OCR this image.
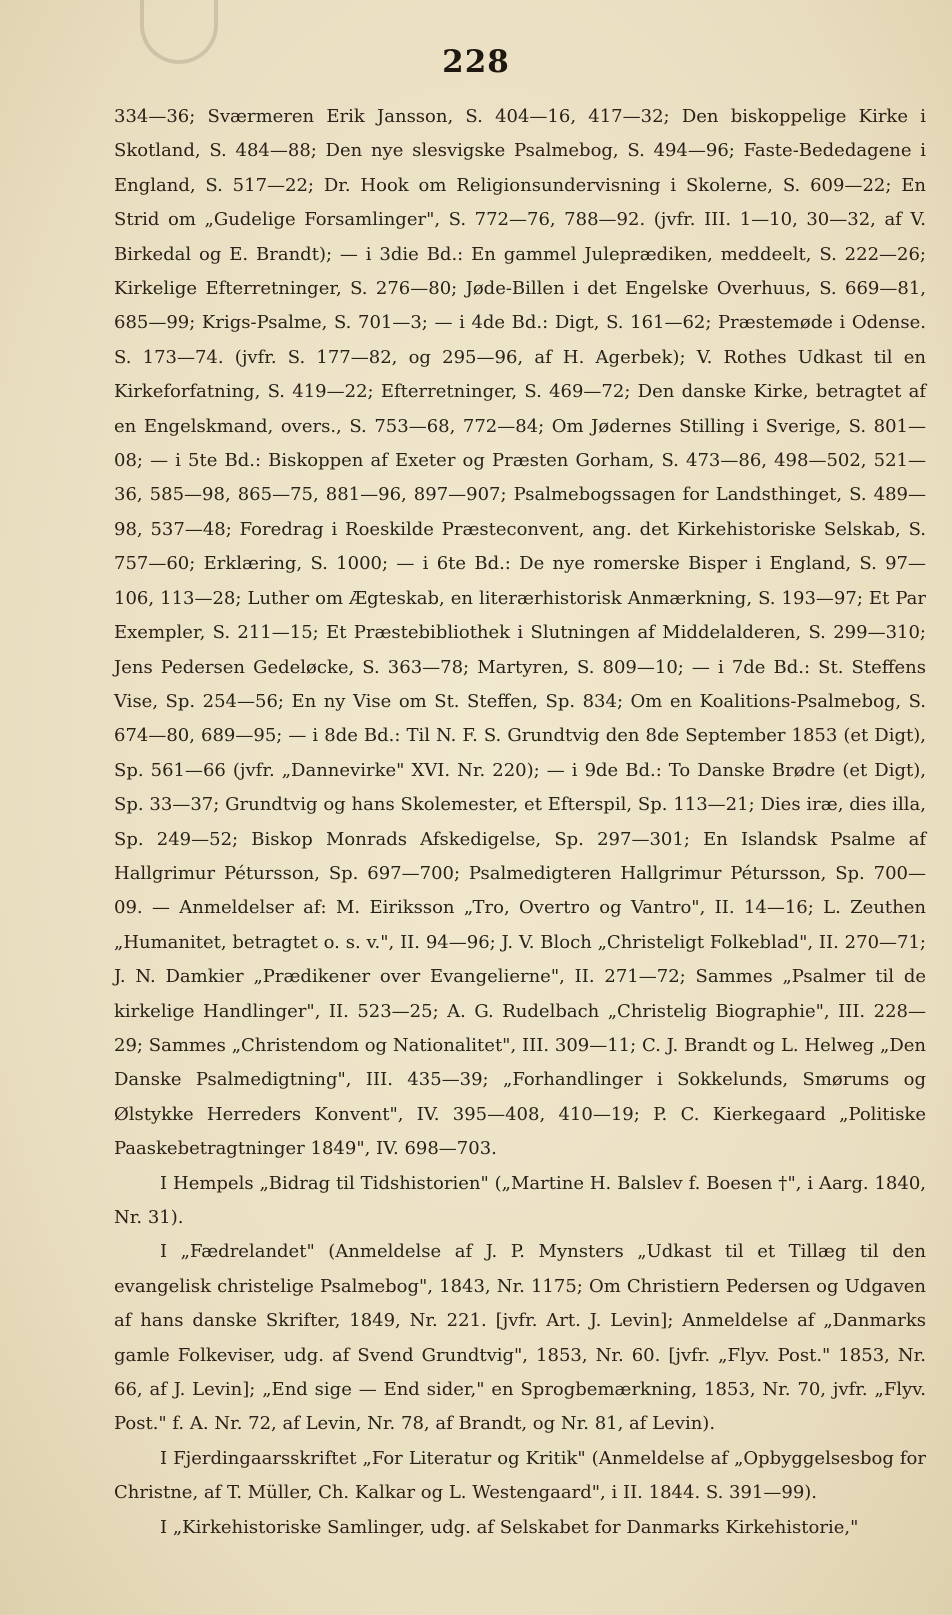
228

334—36; Sværmeren Erik Jansson, S. 404—16, 417—32; Den biskoppelige Kirke i Skotland, S. 484—88; Den nye slesvigske Psalmebog, S. 494—96; Faste-Bededagene i England, S. 517—22; Dr. Hook om Religionsundervisning i Skolerne, S. 609—22; En Strid om „Gudelige Forsamlinger", S. 772—76, 788—92. (jvfr. III. 1—10, 30—32, af V. Birkedal og E. Brandt); — i 3die Bd.: En gammel Juleprædiken, meddeelt, S. 222—26; Kirkelige Efterretninger, S. 276—80; Jøde-Billen i det Engelske Overhuus, S. 669—81, 685—99; Krigs-Psalme, S. 701—3; — i 4de Bd.: Digt, S. 161—62; Præstemøde i Odense. S. 173—74. (jvfr. S. 177—82, og 295—96, af H. Agerbek); V. Rothes Udkast til en Kirkeforfatning, S. 419—22; Efterretninger, S. 469—72; Den danske Kirke, betragtet af en Engelskmand, overs., S. 753—68, 772—84; Om Jødernes Stilling i Sverige, S. 801—08; — i 5te Bd.: Biskoppen af Exeter og Præsten Gorham, S. 473—86, 498—502, 521—36, 585—98, 865—75, 881—96, 897—907; Psalmebogssagen for Landsthinget, S. 489—98, 537—48; Foredrag i Roeskilde Præsteconvent, ang. det Kirkehistoriske Selskab, S. 757—60; Erklæring, S. 1000; — i 6te Bd.: De nye romerske Bisper i England, S. 97—106, 113—28; Luther om Ægteskab, en literærhistorisk Anmærkning, S. 193—97; Et Par Exempler, S. 211—15; Et Præstebibliothek i Slutningen af Middelalderen, S. 299—310; Jens Pedersen Gedeløcke, S. 363—78; Martyren, S. 809—10; — i 7de Bd.: St. Steffens Vise, Sp. 254—56; En ny Vise om St. Steffen, Sp. 834; Om en Koalitions-Psalmebog, S. 674—80, 689—95; — i 8de Bd.: Til N. F. S. Grundtvig den 8de September 1853 (et Digt), Sp. 561—66 (jvfr. „Dannevirke" XVI. Nr. 220); — i 9de Bd.: To Danske Brødre (et Digt), Sp. 33—37; Grundtvig og hans Skolemester, et Efterspil, Sp. 113—21; Dies iræ, dies illa, Sp. 249—52; Biskop Monrads Afskedigelse, Sp. 297—301; En Islandsk Psalme af Hallgrimur Pétursson, Sp. 697—700; Psalmedigteren Hallgrimur Pétursson, Sp. 700—09. — Anmeldelser af: M. Eiriksson „Tro, Overtro og Vantro", II. 14—16; L. Zeuthen „Humanitet, betragtet o. s. v.", II. 94—96; J. V. Bloch „Christeligt Folkeblad", II. 270—71; J. N. Damkier „Prædikener over Evangelierne", II. 271—72; Sammes „Psalmer til de kirkelige Handlinger", II. 523—25; A. G. Rudelbach „Christelig Biographie", III. 228—29; Sammes „Christendom og Nationalitet", III. 309—11; C. J. Brandt og L. Helweg „Den Danske Psalmedigtning", III. 435—39; „Forhandlinger i Sokkelunds, Smørums og Ølstykke Herreders Konvent", IV. 395—408, 410—19; P. C. Kierkegaard „Politiske Paaskebetragtninger 1849", IV. 698—703.

I Hempels „Bidrag til Tidshistorien" („Martine H. Balslev f. Boesen †", i Aarg. 1840, Nr. 31).

I „Fædrelandet" (Anmeldelse af J. P. Mynsters „Udkast til et Tillæg til den evangelisk christelige Psalmebog", 1843, Nr. 1175; Om Christiern Pedersen og Udgaven af hans danske Skrifter, 1849, Nr. 221. [jvfr. Art. J. Levin]; Anmeldelse af „Danmarks gamle Folkeviser, udg. af Svend Grundtvig", 1853, Nr. 60. [jvfr. „Flyv. Post." 1853, Nr. 66, af J. Levin]; „End sige — End sider," en Sprogbemærkning, 1853, Nr. 70, jvfr. „Flyv. Post." f. A. Nr. 72, af Levin, Nr. 78, af Brandt, og Nr. 81, af Levin).

I Fjerdingaarsskriftet „For Literatur og Kritik" (Anmeldelse af „Opbyggelsesbog for Christne, af T. Müller, Ch. Kalkar og L. Westengaard", i II. 1844. S. 391—99).

I „Kirkehistoriske Samlinger, udg. af Selskabet for Danmarks Kirkehistorie,"
